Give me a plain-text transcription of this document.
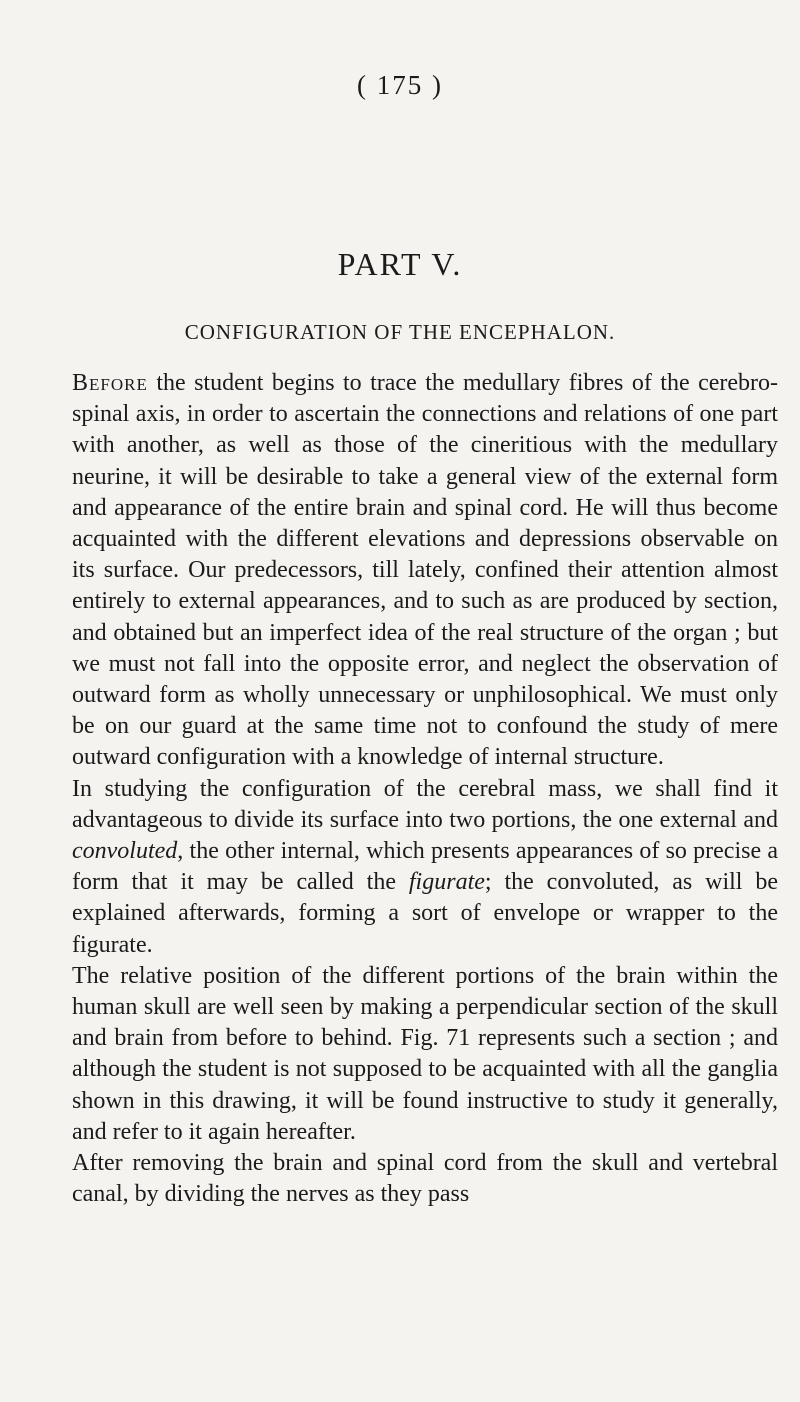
( 175 )
PART V.
CONFIGURATION OF THE ENCEPHALON.

Before the student begins to trace the medullary fibres of the cerebro-spinal axis, in order to ascertain the connections and relations of one part with another, as well as those of the cineritious with the medullary neurine, it will be desirable to take a general view of the external form and appearance of the entire brain and spinal cord. He will thus become acquainted with the different elevations and depressions observable on its surface. Our predecessors, till lately, confined their attention almost entirely to external appearances, and to such as are produced by section, and obtained but an imperfect idea of the real structure of the organ ; but we must not fall into the opposite error, and neglect the observation of outward form as wholly unnecessary or unphilosophical. We must only be on our guard at the same time not to confound the study of mere outward configuration with a knowledge of internal structure.

In studying the configuration of the cerebral mass, we shall find it advantageous to divide its surface into two portions, the one external and convoluted, the other internal, which presents appearances of so precise a form that it may be called the figurate; the convoluted, as will be explained afterwards, forming a sort of envelope or wrapper to the figurate.

The relative position of the different portions of the brain within the human skull are well seen by making a perpendicular section of the skull and brain from before to behind. Fig. 71 represents such a section ; and although the student is not supposed to be acquainted with all the ganglia shown in this drawing, it will be found instructive to study it generally, and refer to it again hereafter.

After removing the brain and spinal cord from the skull and vertebral canal, by dividing the nerves as they pass
